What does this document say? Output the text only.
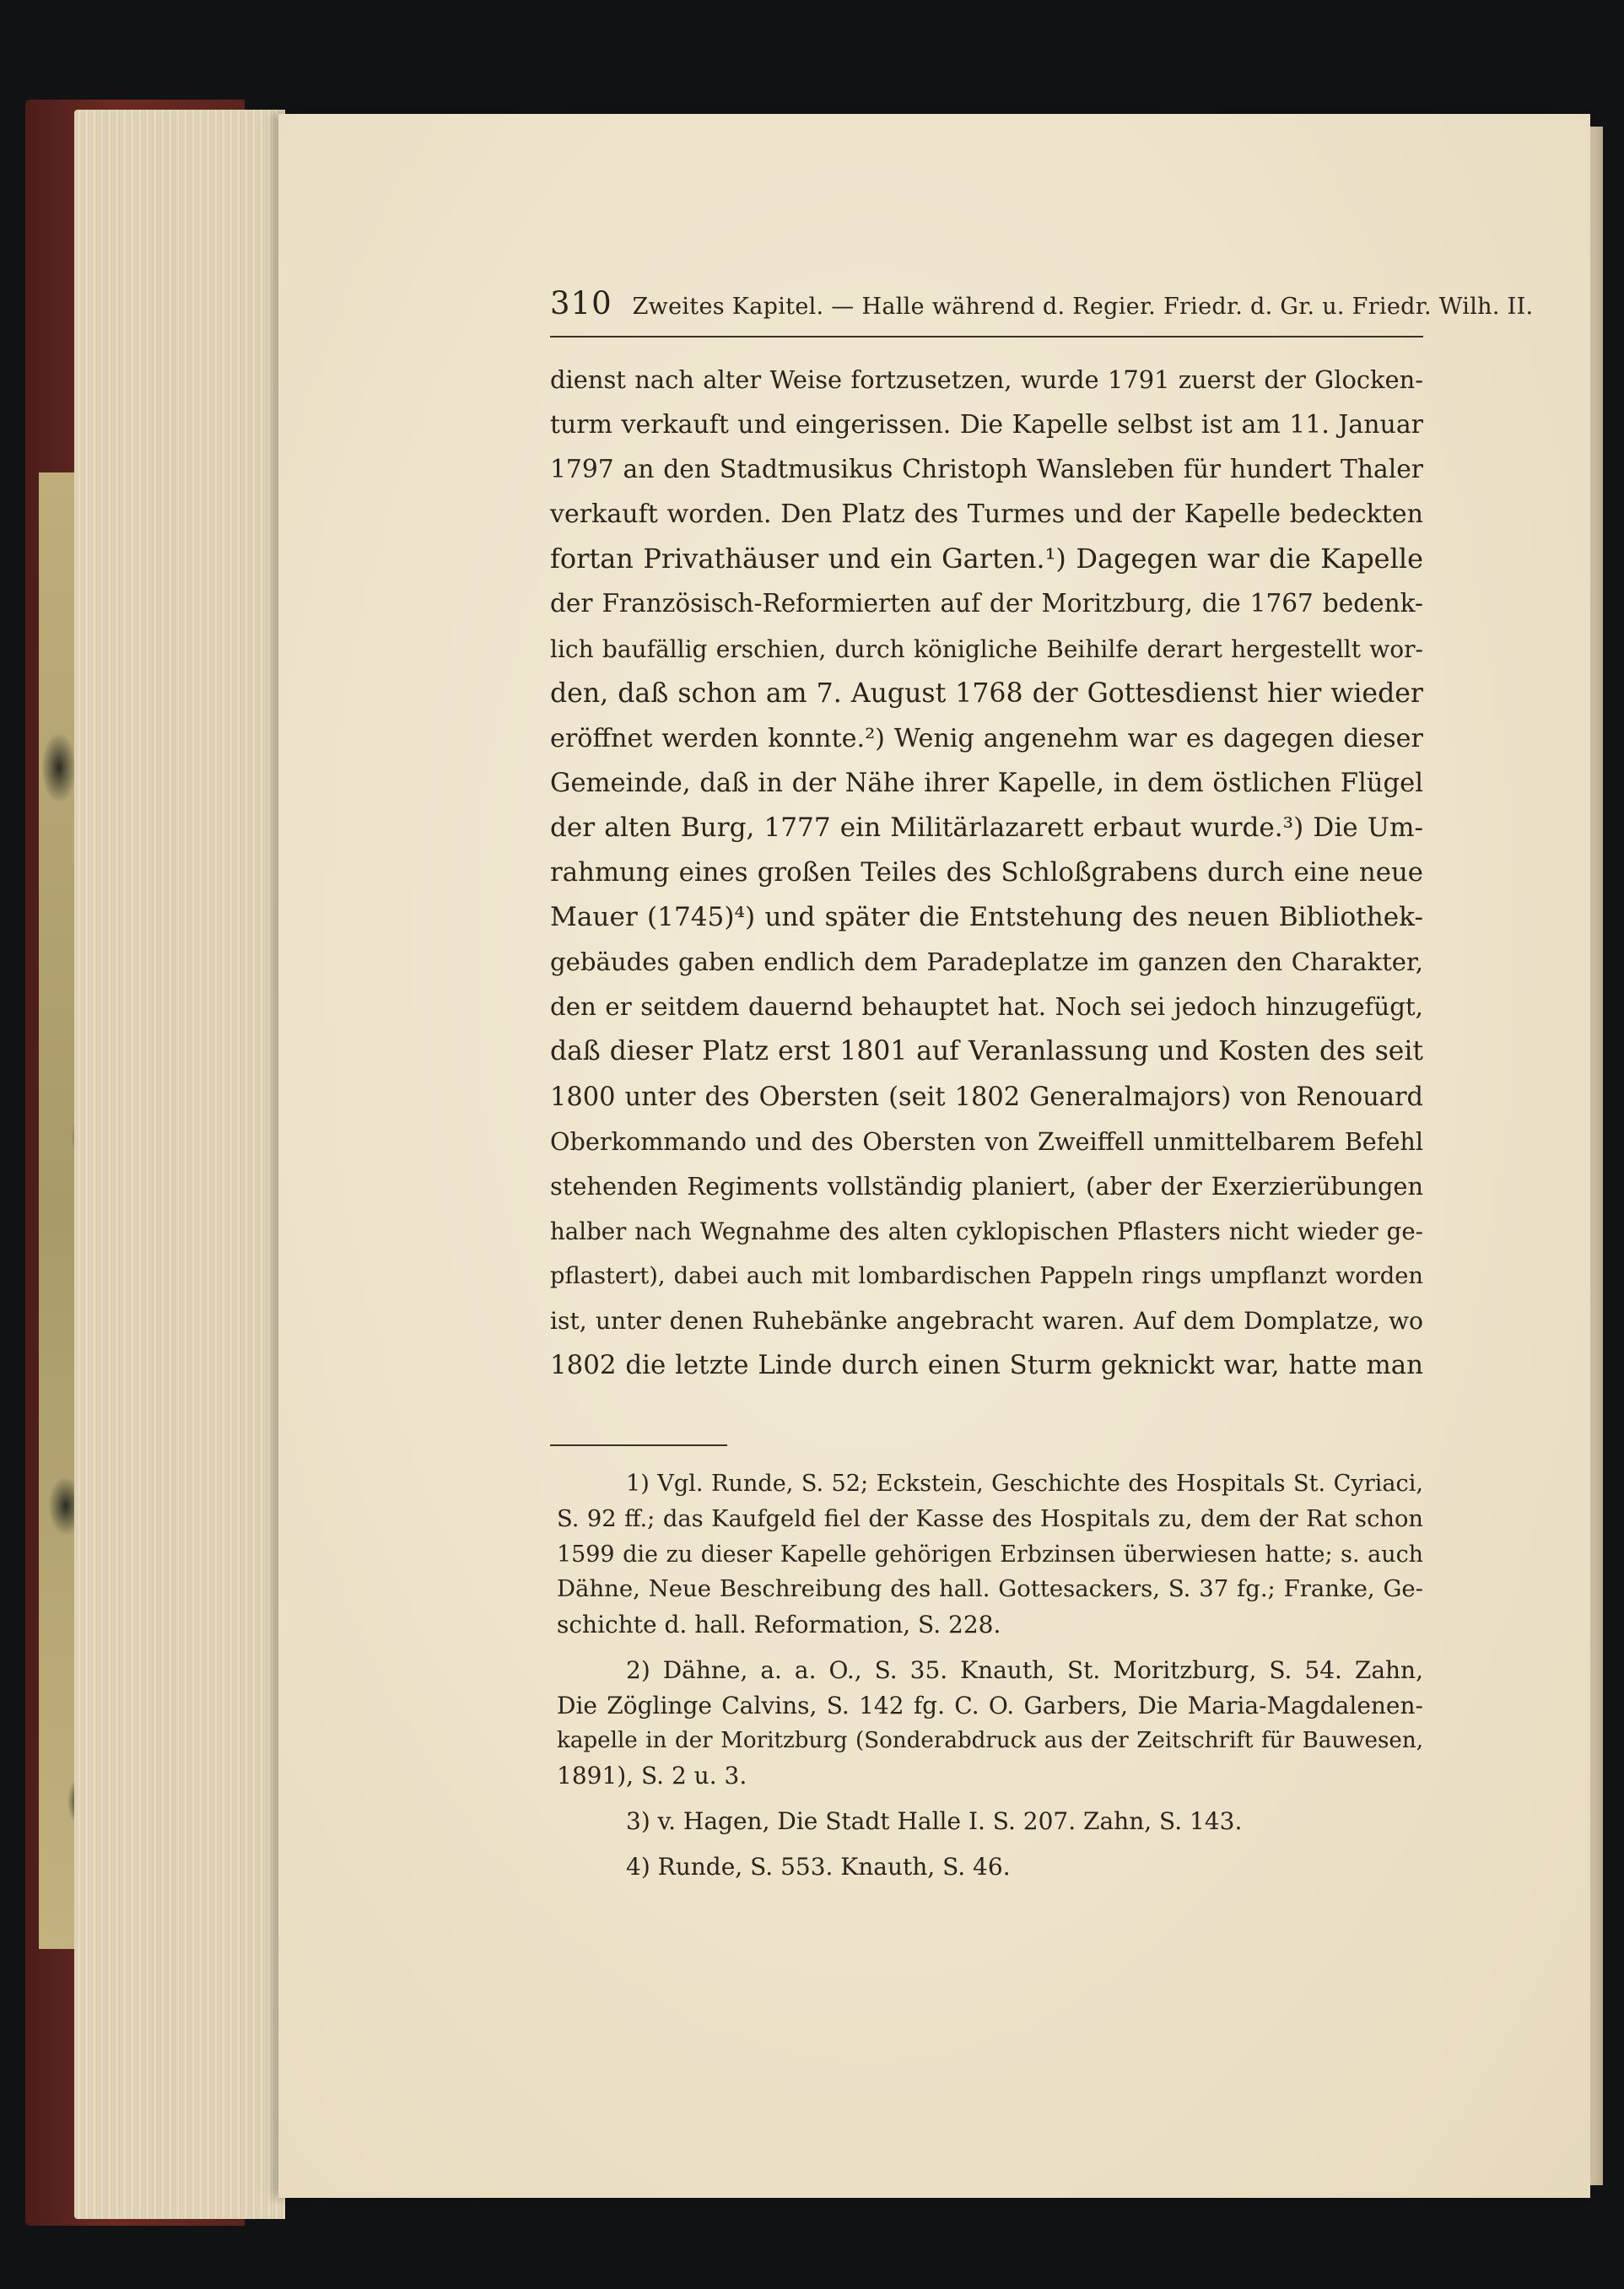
310 Zweites Kapitel. — Halle während d. Regier. Friedr. d. Gr. u. Friedr. Wilh. II.
dienst nach alter Weise fortzusetzen, wurde 1791 zuerst der Glocken-
turm verkauft und eingerissen. Die Kapelle selbst ist am 11. Januar
1797 an den Stadtmusikus Christoph Wansleben für hundert Thaler
verkauft worden. Den Platz des Turmes und der Kapelle bedeckten
fortan Privathäuser und ein Garten.¹) Dagegen war die Kapelle
der Französisch-Reformierten auf der Moritzburg, die 1767 bedenk-
lich baufällig erschien, durch königliche Beihilfe derart hergestellt wor-
den, daß schon am 7. August 1768 der Gottesdienst hier wieder
eröffnet werden konnte.²) Wenig angenehm war es dagegen dieser
Gemeinde, daß in der Nähe ihrer Kapelle, in dem östlichen Flügel
der alten Burg, 1777 ein Militärlazarett erbaut wurde.³) Die Um-
rahmung eines großen Teiles des Schloßgrabens durch eine neue
Mauer (1745)⁴) und später die Entstehung des neuen Bibliothek-
gebäudes gaben endlich dem Paradeplatze im ganzen den Charakter,
den er seitdem dauernd behauptet hat. Noch sei jedoch hinzugefügt,
daß dieser Platz erst 1801 auf Veranlassung und Kosten des seit
1800 unter des Obersten (seit 1802 Generalmajors) von Renouard
Oberkommando und des Obersten von Zweiffell unmittelbarem Befehl
stehenden Regiments vollständig planiert, (aber der Exerzierübungen
halber nach Wegnahme des alten cyklopischen Pflasters nicht wieder ge-
pflastert), dabei auch mit lombardischen Pappeln rings umpflanzt worden
ist, unter denen Ruhebänke angebracht waren. Auf dem Domplatze, wo
1802 die letzte Linde durch einen Sturm geknickt war, hatte man
1) Vgl. Runde, S. 52; Eckstein, Geschichte des Hospitals St. Cyriaci,
S. 92 ff.; das Kaufgeld fiel der Kasse des Hospitals zu, dem der Rat schon
1599 die zu dieser Kapelle gehörigen Erbzinsen überwiesen hatte; s. auch
Dähne, Neue Beschreibung des hall. Gottesackers, S. 37 fg.; Franke, Ge-
schichte d. hall. Reformation, S. 228.
2) Dähne, a. a. O., S. 35. Knauth, St. Moritzburg, S. 54. Zahn,
Die Zöglinge Calvins, S. 142 fg. C. O. Garbers, Die Maria-Magdalenen-
kapelle in der Moritzburg (Sonderabdruck aus der Zeitschrift für Bauwesen,
1891), S. 2 u. 3.
3) v. Hagen, Die Stadt Halle I. S. 207. Zahn, S. 143.
4) Runde, S. 553. Knauth, S. 46.
